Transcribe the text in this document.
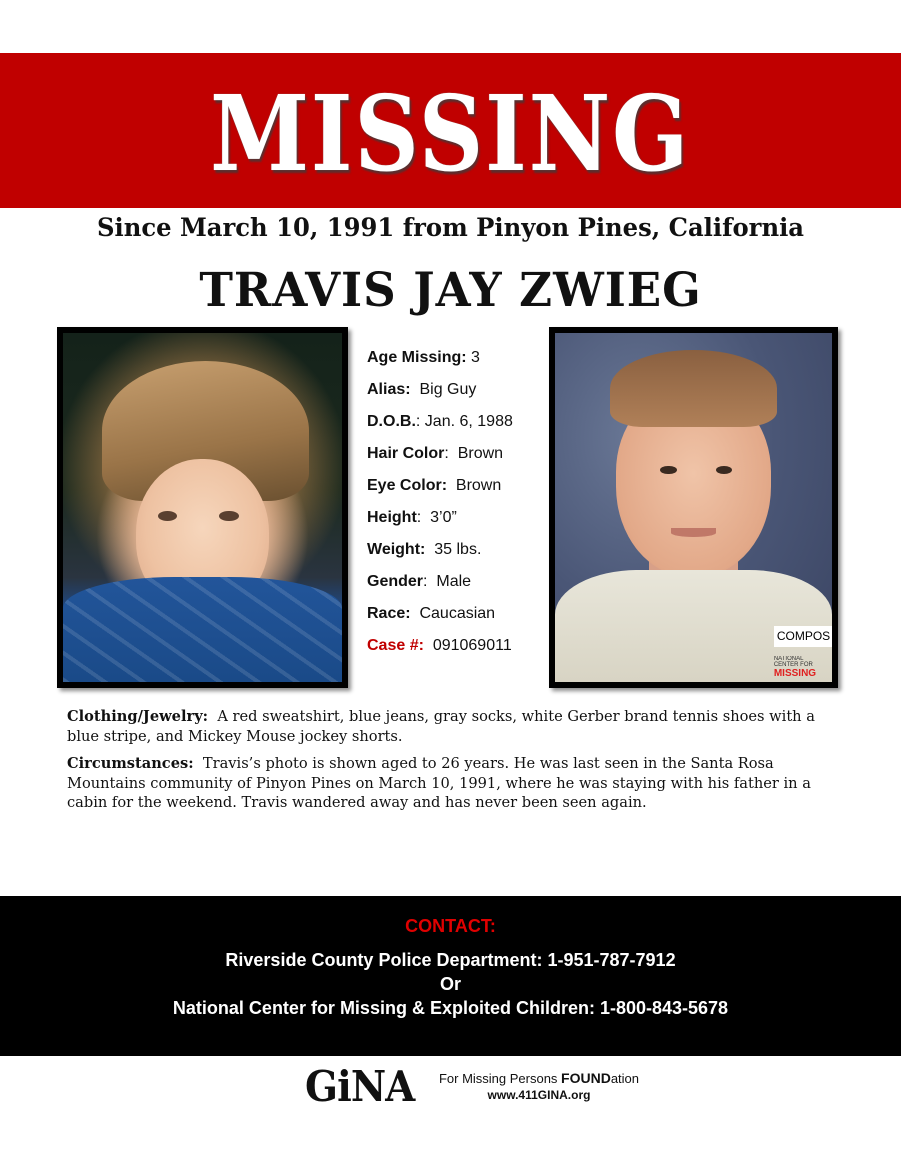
MISSING
Since March 10, 1991 from Pinyon Pines, California
TRAVIS JAY ZWIEG
Age Missing: 3
Alias: Big Guy
D.O.B.: Jan. 6, 1988
Hair Color: Brown
Eye Color: Brown
Height: 3’0”
Weight: 35 lbs.
Gender: Male
Race: Caucasian
Case #: 091069011
COMPOS
NATIONAL
CENTER FOR
MISSING

Clothing/Jewelry: A red sweatshirt, blue jeans, gray socks, white Gerber brand tennis shoes with a blue stripe, and Mickey Mouse jockey shorts.

Circumstances: Travis’s photo is shown aged to 26 years. He was last seen in the Santa Rosa Mountains community of Pinyon Pines on March 10, 1991, where he was staying with his father in a cabin for the weekend. Travis wandered away and has never been seen again.

CONTACT:
Riverside County Police Department: 1-951-787-7912
Or
National Center for Missing & Exploited Children: 1-800-843-5678
GiNA	For Missing Persons FOUNDation
www.411GINA.org
